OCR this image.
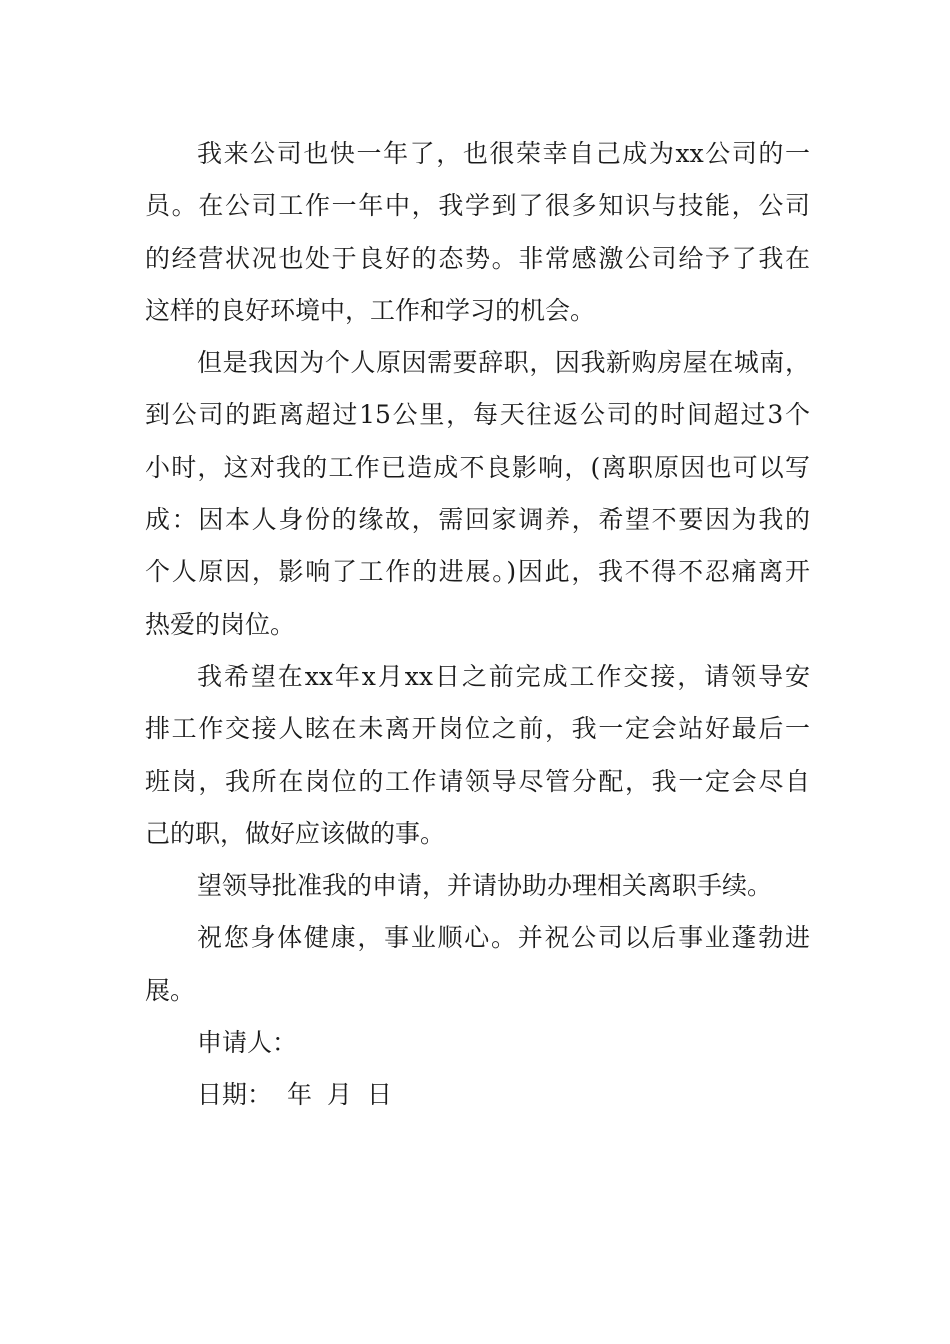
我来公司也快一年了，也很荣幸自己成为xx公司的一
员。在公司工作一年中，我学到了很多知识与技能，公司
的经营状况也处于良好的态势。非常感激公司给予了我在
这样的良好环境中，工作和学习的机会。
但是我因为个人原因需要辞职，因我新购房屋在城南，
到公司的距离超过15公里，每天往返公司的时间超过3个
小时，这对我的工作已造成不良影响，(离职原因也可以写
成：因本人身份的缘故，需回家调养，希望不要因为我的
个人原因，影响了工作的进展。)因此，我不得不忍痛离开
热爱的岗位。
我希望在xx年x月xx日之前完成工作交接，请领导安
排工作交接人眩在未离开岗位之前，我一定会站好最后一
班岗，我所在岗位的工作请领导尽管分配，我一定会尽自
己的职，做好应该做的事。
望领导批准我的申请，并请协助办理相关离职手续。
祝您身体健康，事业顺心。并祝公司以后事业蓬勃进
展。
申请人：
日期： 年 月 日
